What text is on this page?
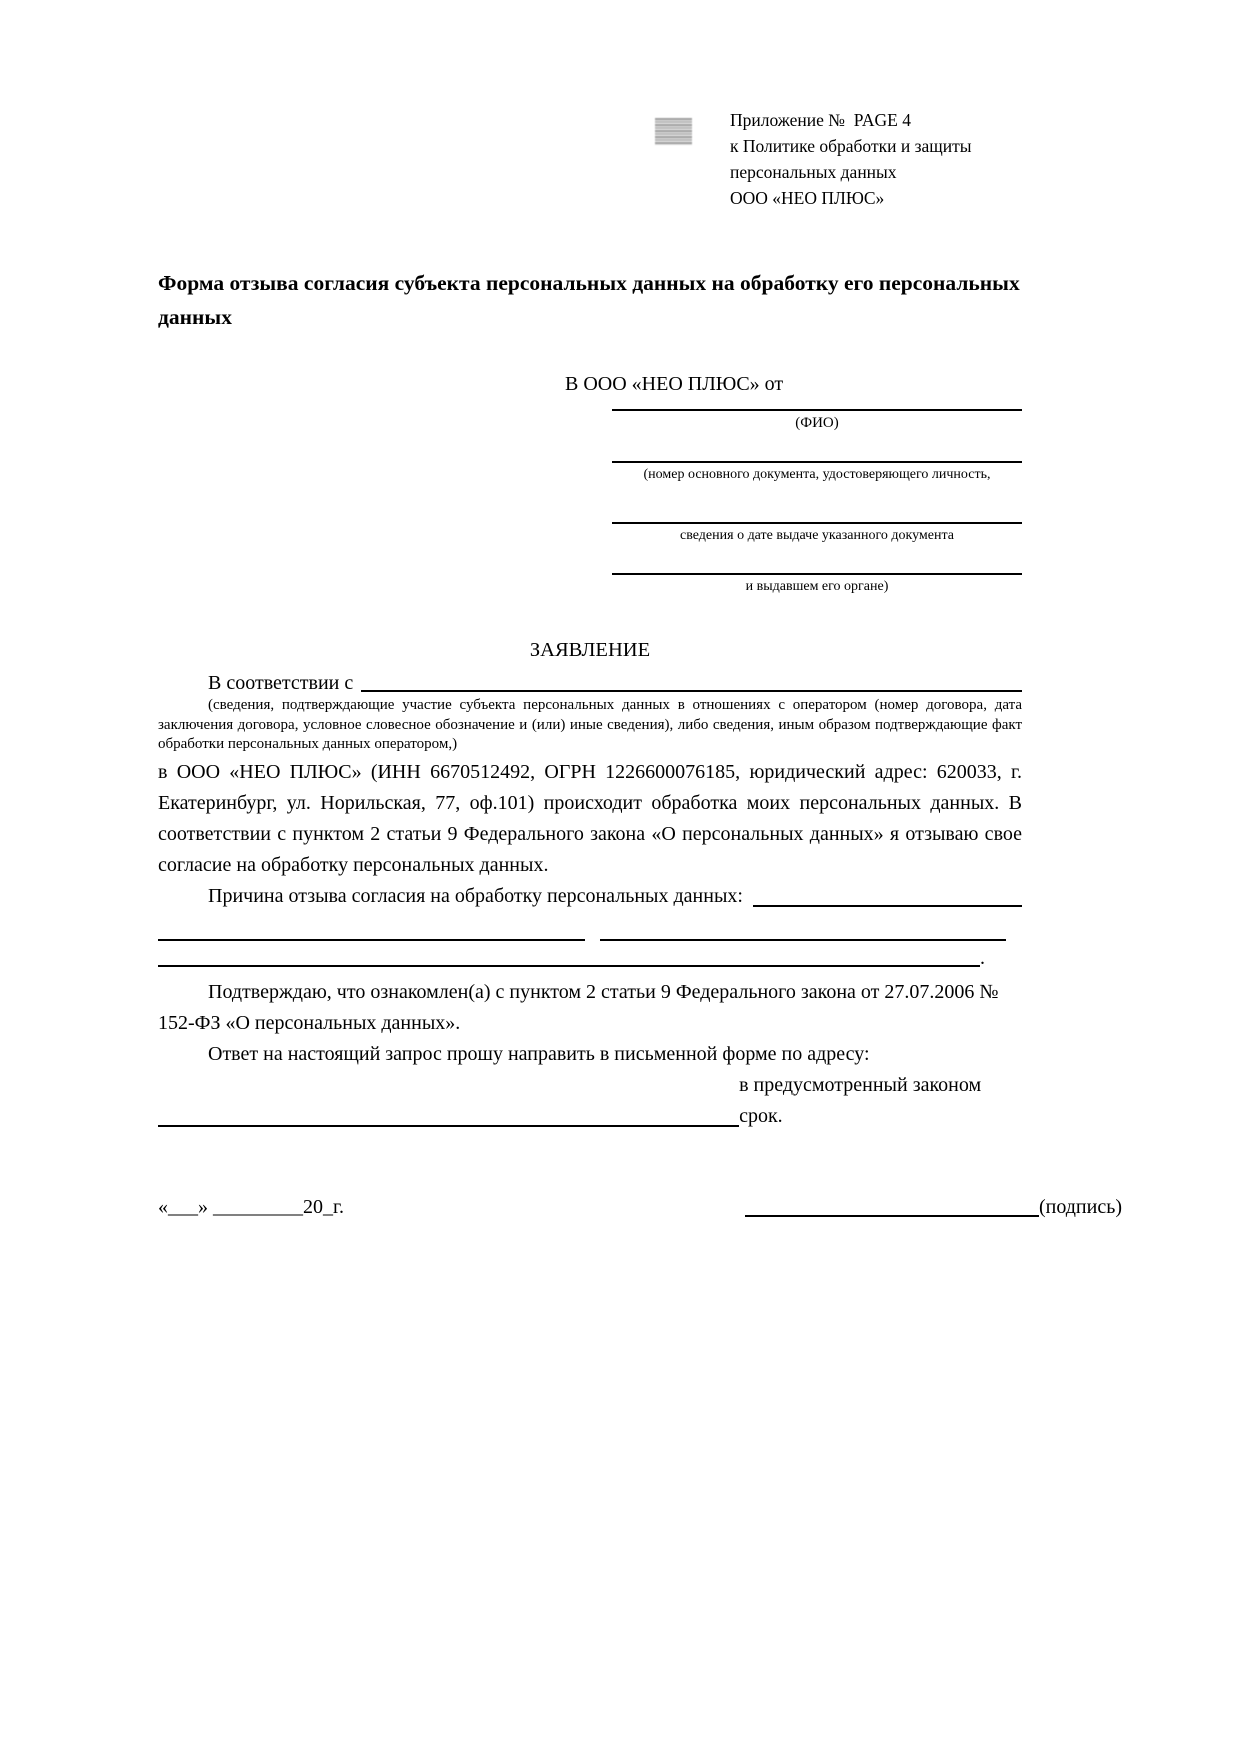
Приложение №  PAGE 4
к Политике обработки и защиты
персональных данных
ООО «НЕО ПЛЮС»
Форма отзыва согласия субъекта персональных данных на обработку его персональных данных
В ООО «НЕО ПЛЮС» от
(ФИО)
(номер основного документа, удостоверяющего личность,
сведения о дате выдаче указанного документа
и выдавшем его органе)
ЗАЯВЛЕНИЕ
В соответствии с
(сведения, подтверждающие участие субъекта персональных данных в отношениях с оператором (номер договора, дата заключения договора, условное словесное обозначение и (или) иные сведения), либо сведения, иным образом подтверждающие факт обработки персональных данных оператором,)
в ООО «НЕО ПЛЮС» (ИНН 6670512492, ОГРН 1226600076185, юридический адрес: 620033, г. Екатеринбург, ул. Норильская, 77, оф.101) происходит обработка моих персональных данных. В соответствии с пунктом 2 статьи 9 Федерального закона «О персональных данных» я отзываю свое согласие на обработку персональных данных.
Причина отзыва согласия на обработку персональных данных:
.
Подтверждаю, что ознакомлен(а) с пунктом 2 статьи 9 Федерального закона от 27.07.2006 № 152-ФЗ «О персональных данных».
Ответ на настоящий запрос прошу направить в письменной форме по адресу:
в предусмотренный законом срок.
«___» _________20_г.	(подпись)
